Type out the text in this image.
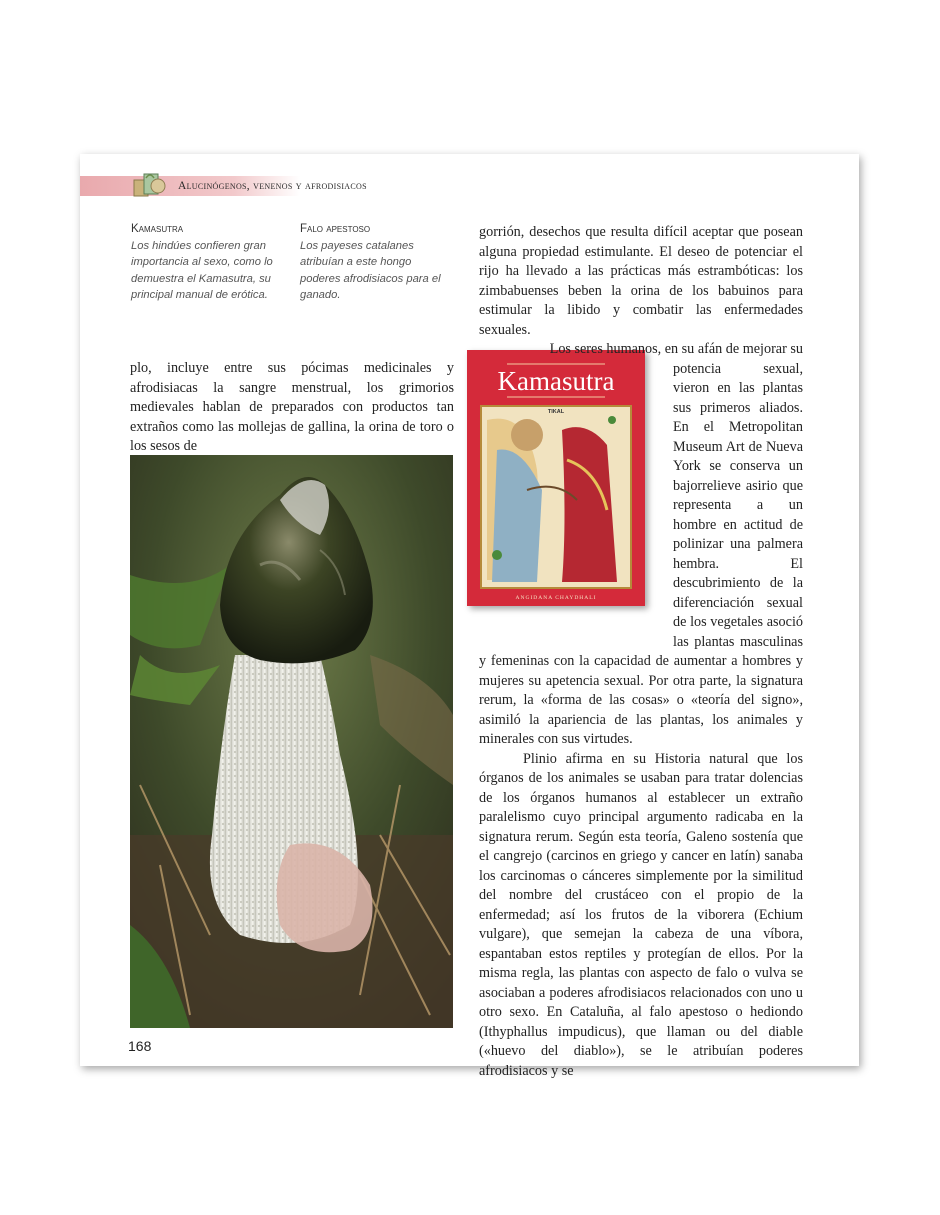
Alucinógenos, venenos y afrodisiacos
Kamasutra
Los hindúes confieren gran importancia al sexo, como lo demuestra el Kamasutra, su principal manual de erótica.
Falo apestoso
Los payeses catalanes atribuían a este hongo poderes afrodisiacos para el ganado.

plo, incluye entre sus pócimas medicinales y afrodisiacas la sangre menstrual, los grimorios medievales hablan de preparados con productos tan extraños como las mollejas de gallina, la orina de toro o los sesos de

Kamasutra
TIKAL
ANGIDANA CHAYDHALI

gorrión, desechos que resulta difícil aceptar que posean alguna propiedad estimulante. El deseo de potenciar el rijo ha llevado a las prácticas más estrambóticas: los zimbabuenses beben la orina de los babuinos para estimular la libido y combatir las enfermedades sexuales.

Los seres humanos, en su afán de mejorar su

potencia sexual, vieron en las plantas sus primeros aliados. En el Metropolitan Museum Art de Nueva York se conserva un bajorrelieve asirio que representa a un hombre en actitud de polinizar una palmera hembra. El descubrimiento de la diferenciación sexual de los vegetales asoció las plantas masculinas y femeninas con la capacidad de aumentar a hombres y mujeres su apetencia sexual. Por otra parte, la signatura rerum, la «forma de las cosas» o «teoría del signo», asimiló la apariencia de las plantas, los animales y minerales con sus virtudes.

Plinio afirma en su Historia natural que los órganos de los animales se usaban para tratar dolencias de los órganos humanos al establecer un extraño paralelismo cuyo principal argumento radicaba en la signatura rerum. Según esta teoría, Galeno sostenía que el cangrejo (carcinos en griego y cancer en latín) sanaba los carcinomas o cánceres simplemente por la similitud del nombre del crustáceo con el propio de la enfermedad; así los frutos de la viborera (Echium vulgare), que semejan la cabeza de una víbora, espantaban estos reptiles y protegían de ellos. Por la misma regla, las plantas con aspecto de falo o vulva se asociaban a poderes afrodisiacos relacionados con uno u otro sexo. En Cataluña, al falo apestoso o hediondo (Ithyphallus impudicus), que llaman ou del diable («huevo del diablo»), se le atribuían poderes afrodisiacos y se

168
